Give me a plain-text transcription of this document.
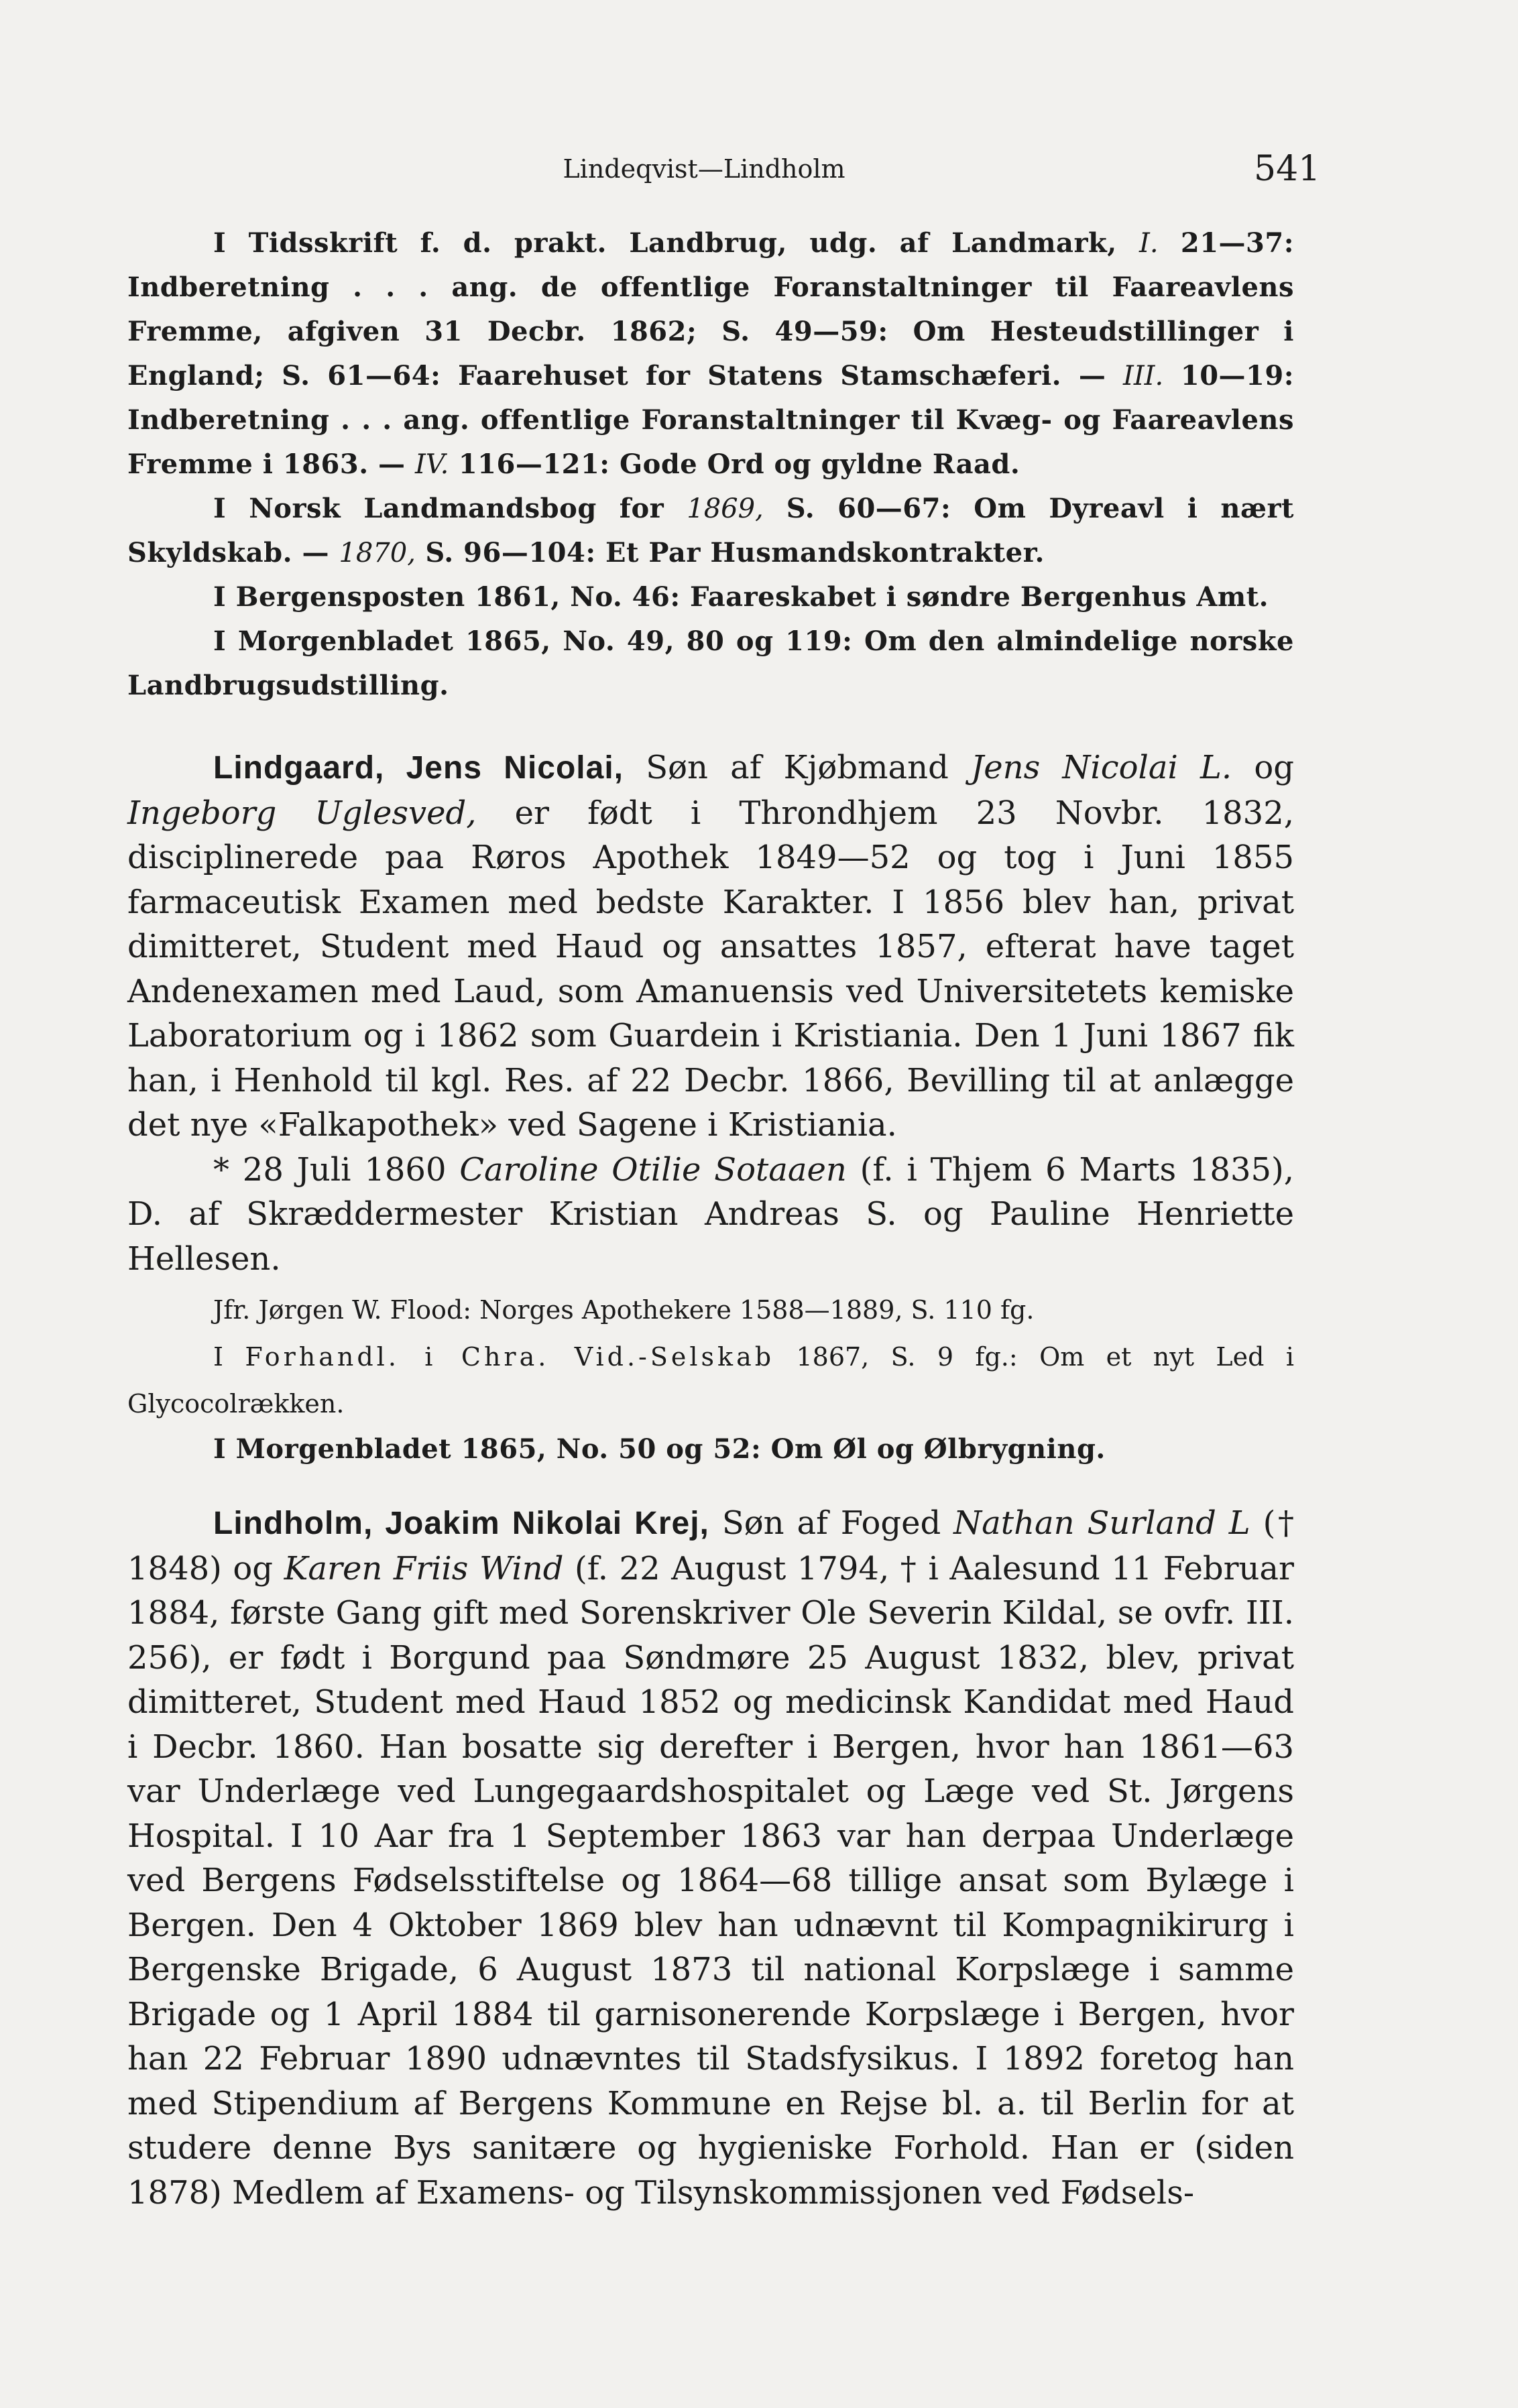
Lindeqvist—Lindholm	541

I Tidsskrift f. d. prakt. Landbrug, udg. af Landmark, I. 21—37: Indberetning . . . ang. de offentlige Foranstaltninger til Faareavlens Fremme, afgiven 31 Decbr. 1862; S. 49—59: Om Hesteudstillinger i England; S. 61—64: Faarehuset for Statens Stamschæferi. — III. 10—19: Indberetning . . . ang. offentlige Foranstaltninger til Kvæg- og Faareavlens Fremme i 1863. — IV. 116—121: Gode Ord og gyldne Raad.

I Norsk Landmandsbog for 1869, S. 60—67: Om Dyreavl i nært Skyldskab. — 1870, S. 96—104: Et Par Husmandskontrakter.

I Bergensposten 1861, No. 46: Faareskabet i søndre Bergenhus Amt.

I Morgenbladet 1865, No. 49, 80 og 119: Om den almindelige norske Landbrugsudstilling.

Lindgaard, Jens Nicolai, Søn af Kjøbmand Jens Nicolai L. og Ingeborg Uglesved, er født i Throndhjem 23 Novbr. 1832, disciplinerede paa Røros Apothek 1849—52 og tog i Juni 1855 farmaceutisk Examen med bedste Karakter. I 1856 blev han, privat dimitteret, Student med Haud og ansattes 1857, efterat have taget Andenexamen med Laud, som Amanuensis ved Universitetets kemiske Laboratorium og i 1862 som Guardein i Kristiania. Den 1 Juni 1867 fik han, i Henhold til kgl. Res. af 22 Decbr. 1866, Bevilling til at anlægge det nye «Falkapothek» ved Sagene i Kristiania.

* 28 Juli 1860 Caroline Otilie Sotaaen (f. i Thjem 6 Marts 1835), D. af Skræddermester Kristian Andreas S. og Pauline Henriette Hellesen.

Jfr. Jørgen W. Flood: Norges Apothekere 1588—1889, S. 110 fg.

I Forhandl. i Chra. Vid.-Selskab 1867, S. 9 fg.: Om et nyt Led i Glycocolrækken.

I Morgenbladet 1865, No. 50 og 52: Om Øl og Ølbrygning.

Lindholm, Joakim Nikolai Krej, Søn af Foged Nathan Surland L († 1848) og Karen Friis Wind (f. 22 August 1794, † i Aalesund 11 Februar 1884, første Gang gift med Sorenskriver Ole Severin Kildal, se ovfr. III. 256), er født i Borgund paa Søndmøre 25 August 1832, blev, privat dimitteret, Student med Haud 1852 og medicinsk Kandidat med Haud i Decbr. 1860. Han bosatte sig derefter i Bergen, hvor han 1861—63 var Underlæge ved Lungegaardshospitalet og Læge ved St. Jørgens Hospital. I 10 Aar fra 1 September 1863 var han derpaa Underlæge ved Bergens Fødselsstiftelse og 1864—68 tillige ansat som Bylæge i Bergen. Den 4 Oktober 1869 blev han udnævnt til Kompagnikirurg i Bergenske Brigade, 6 August 1873 til national Korpslæge i samme Brigade og 1 April 1884 til garnisonerende Korpslæge i Bergen, hvor han 22 Februar 1890 udnævntes til Stadsfysikus. I 1892 foretog han med Stipendium af Bergens Kommune en Rejse bl. a. til Berlin for at studere denne Bys sanitære og hygieniske Forhold. Han er (siden 1878) Medlem af Examens- og Tilsynskommissjonen ved Fødsels-
